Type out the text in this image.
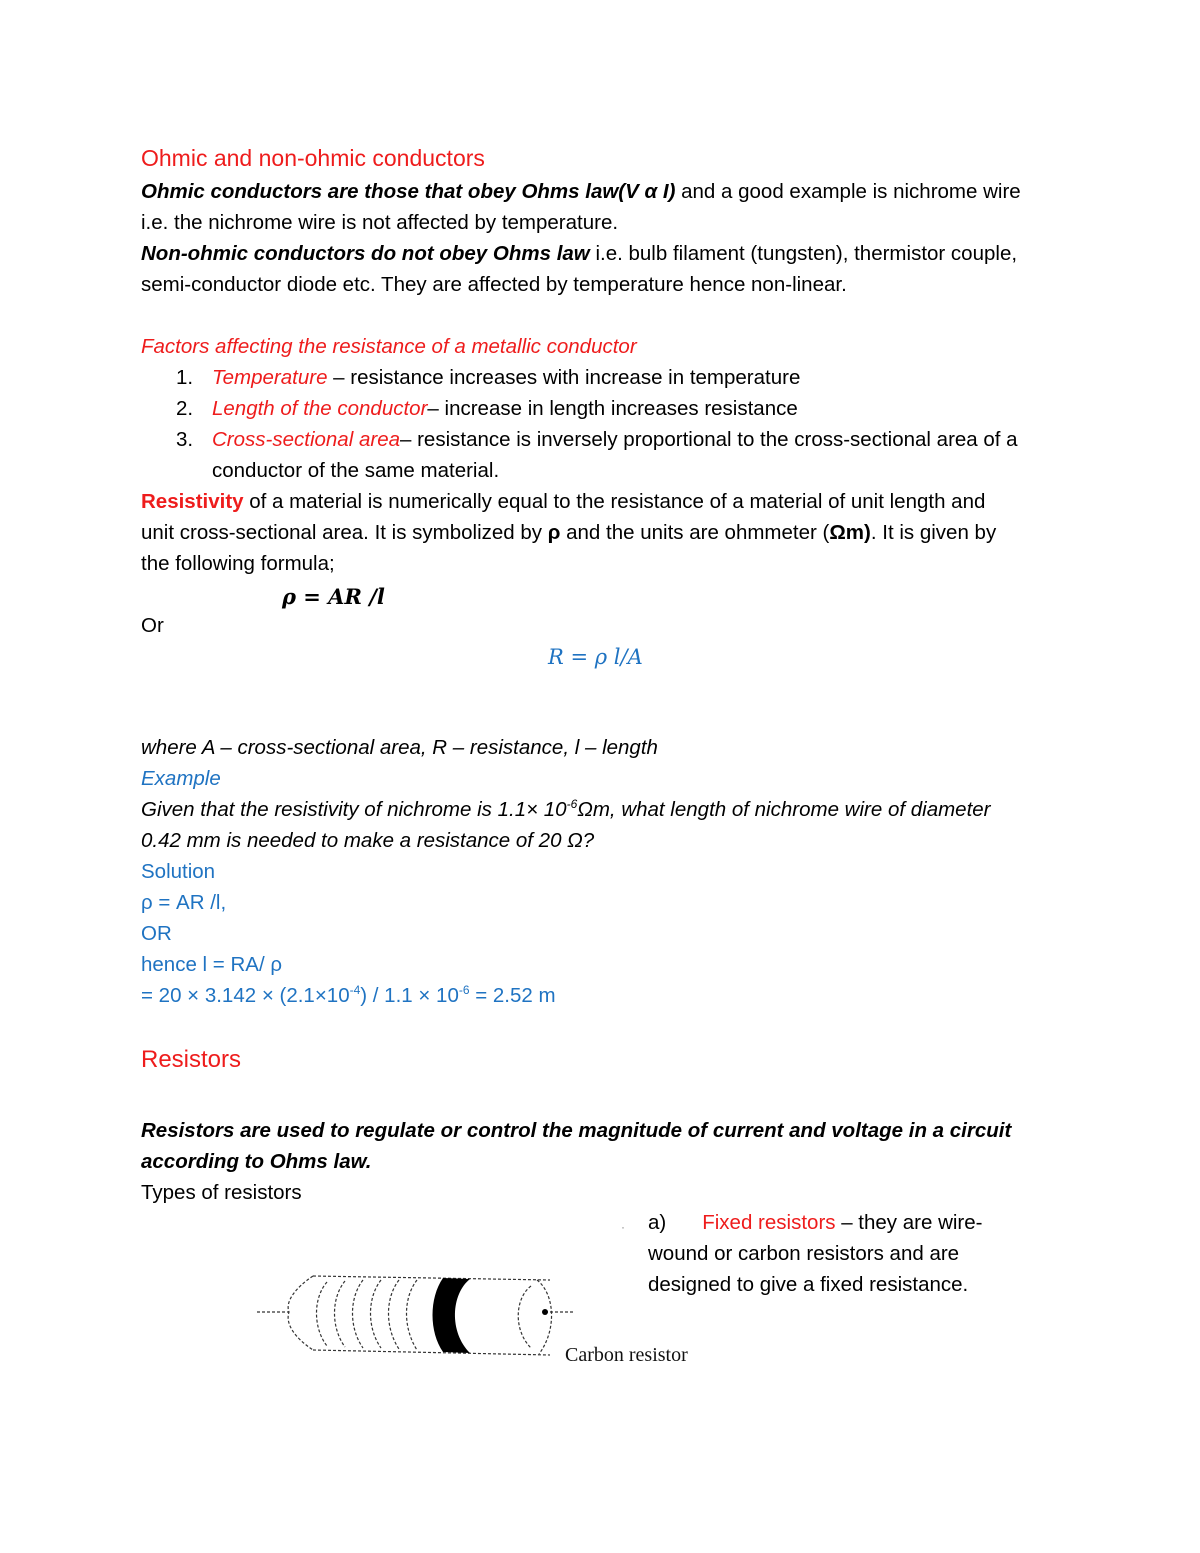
Ohmic and non-ohmic conductors
Ohmic conductors are those that obey Ohms law(V α I) and a good example is nichrome wire
i.e. the nichrome wire is not affected by temperature.
Non-ohmic conductors do not obey Ohms law i.e. bulb filament (tungsten), thermistor couple,
semi-conductor diode etc. They are affected by temperature hence non-linear.
Factors affecting the resistance of a metallic conductor
1. Temperature – resistance increases with increase in temperature
2. Length of the conductor– increase in length increases resistance
3. Cross-sectional area– resistance is inversely proportional to the cross-sectional area of a
conductor of the same material.
Resistivity of a material is numerically equal to the resistance of a material of unit length and
unit cross-sectional area. It is symbolized by ρ and the units are ohmmeter (Ωm). It is given by
the following formula;
ρ = AR /l
Or
R = ρ l/A
where A – cross-sectional area, R – resistance, l – length
Example
Given that the resistivity of nichrome is $1.1\times 10^{-6}\Omega m$, what length of nichrome wire of diameter
0.42 mm is needed to make a resistance of 20 Ω?
Solution
ρ = AR /l,
OR
hence l = RA/ ρ
= $20 \times 3.142 \times (2.1\times 10^{-4}) / 1.1 \times 10^{-6} = 2.52$ m
Resistors
Resistors are used to regulate or control the magnitude of current and voltage in a circuit
according to Ohms law.
Types of resistors
· a) Fixed resistors – they are wire-
wound or carbon resistors and are
designed to give a fixed resistance.
Carbon resistor
